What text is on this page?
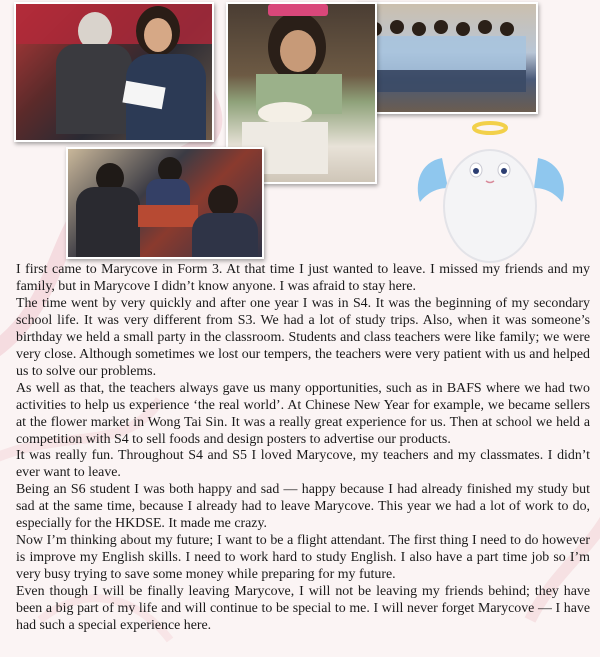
I first came to Marycove in Form 3. At that time I just wanted to leave. I missed my friends and my family, but in Marycove I didn’t know anyone. I was afraid to stay here.

The time went by very quickly and after one year I was in S4. It was the beginning of my secondary school life. It was very different from S3. We had a lot of study trips. Also, when it was someone’s birthday we held a small party in the classroom. Students and class teachers were like family; we were very close. Although sometimes we lost our tempers, the teachers were very patient with us and helped us to solve our problems.

As well as that, the teachers always gave us many opportunities, such as in BAFS where we had two activities to help us experience ‘the real world’. At Chinese New Year for example, we became sellers at the flower market in Wong Tai Sin. It was a really great experience for us. Then at school we held a competition with S4 to sell foods and design posters to advertise our products.

It was really fun. Throughout S4 and S5 I loved Marycove, my teachers and my classmates. I didn’t ever want to leave.

Being an S6 student I was both happy and sad — happy because I had already finished my study but sad at the same time, because I already had to leave Marycove. This year we had a lot of work to do, especially for the HKDSE. It made me crazy.

Now I’m thinking about my future; I want to be a flight attendant. The first thing I need to do however is improve my English skills. I need to work hard to study English. I also have a part time job so I’m very busy trying to save some money while preparing for my future.

Even though I will be finally leaving Marycove, I will not be leaving my friends behind; they have been a big part of my life and will continue to be special to me. I will never forget Marycove — I have had such a special experience here.
